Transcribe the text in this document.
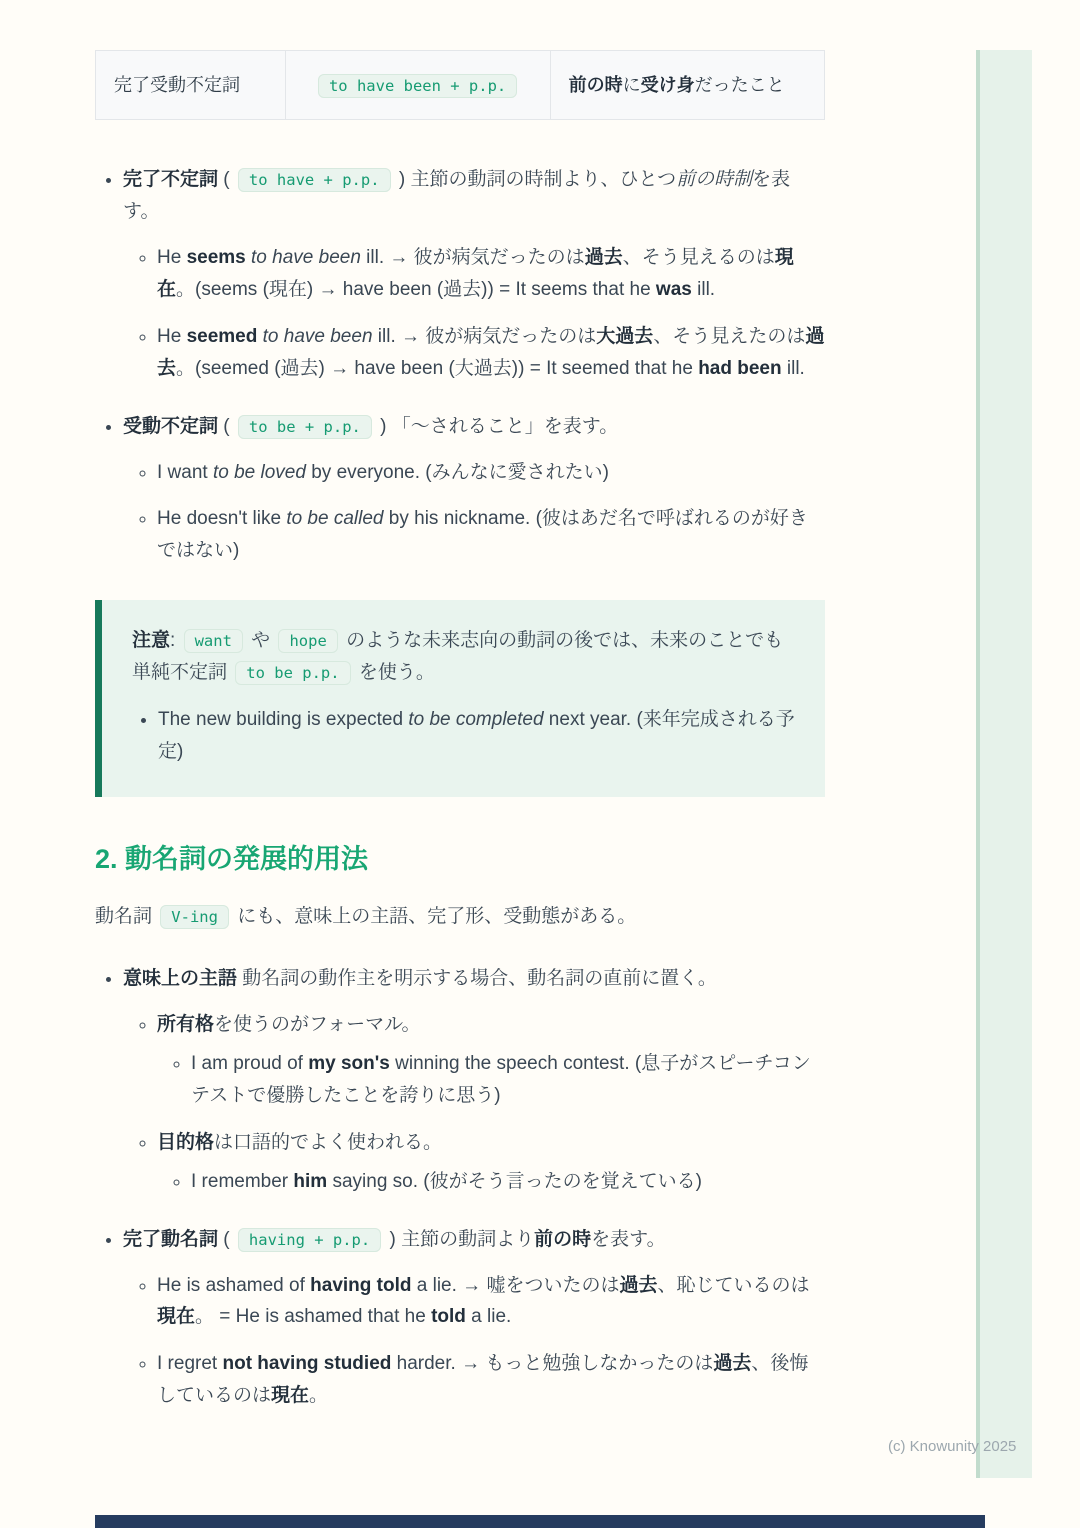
完了受動不定詞	to have been + p.p.	前の時に受け身だったこと
• 完了不定詞 ( to have + p.p. ) 主節の動詞の時制より、ひとつ前の時制を表す。
◦ He seems to have been ill. → 彼が病気だったのは過去、そう見えるのは現在。(seems (現在) → have been (過去)) = It seems that he was ill.
◦ He seemed to have been ill. → 彼が病気だったのは大過去、そう見えたのは過去。(seemed (過去) → have been (大過去)) = It seemed that he had been ill.
• 受動不定詞 ( to be + p.p. ) 「〜されること」を表す。
◦ I want to be loved by everyone. (みんなに愛されたい)
◦ He doesn't like to be called by his nickname. (彼はあだ名で呼ばれるのが好きではない)

注意: want や hope のような未来志向の動詞の後では、未来のことでも単純不定詞 to be p.p. を使う。

• The new building is expected to be completed next year. (来年完成される予定)
2. 動名詞の発展的用法

動名詞 V-ing にも、意味上の主語、完了形、受動態がある。

• 意味上の主語 動名詞の動作主を明示する場合、動名詞の直前に置く。
◦ 所有格を使うのがフォーマル。
◦ I am proud of my son's winning the speech contest. (息子がスピーチコンテストで優勝したことを誇りに思う)
◦ 目的格は口語的でよく使われる。
◦ I remember him saying so. (彼がそう言ったのを覚えている)
• 完了動名詞 ( having + p.p. ) 主節の動詞より前の時を表す。
◦ He is ashamed of having told a lie. → 嘘をついたのは過去、恥じているのは現在。 = He is ashamed that he told a lie.
◦ I regret not having studied harder. → もっと勉強しなかったのは過去、後悔しているのは現在。
(c) Knowunity 2025
